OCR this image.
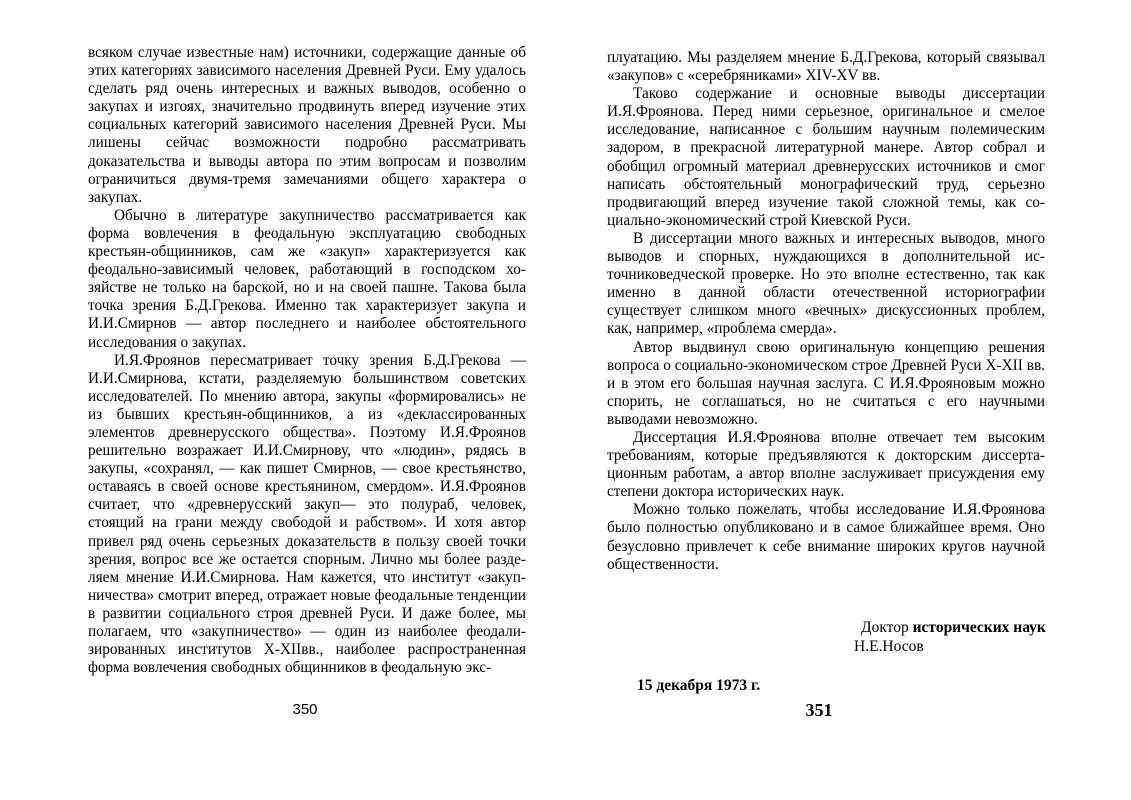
всяком случае известные нам) источники, содержащие данные об этих категориях зависимого населения Древней Руси. Ему удалось сделать ряд очень интересных и важных выводов, особенно о закупах и изгоях, значительно продвинуть вперед изучение этих социальных категорий зависимого населения Древней Руси. Мы лишены сейчас возможности подробно рассматривать доказательства и выводы автора по этим вопросам и позволим ограничиться двумя-тремя замечаниями общего характера о закупах.

Обычно в литературе закупничество рассматривается как форма вовлечения в феодальную эксплуатацию свободных крестьян-общинников, сам же «закуп» характеризуется как феодально-зависимый человек, работающий в господском хозяйстве не только на барской, но и на своей пашне. Такова была точка зрения Б.Д.Грекова. Именно так характеризует закупа и И.И.Смирнов — автор последнего и наиболее обстоятельного исследования о закупах.

И.Я.Фроянов пересматривает точку зрения Б.Д.Грекова — И.И.Смирнова, кстати, разделяемую большинством советских исследователей. По мнению автора, закупы «формировались» не из бывших крестьян-общинников, а из «деклассированных элементов древнерусского общества». Поэтому И.Я.Фроянов решительно возражает И.И.Смирнову, что «людин», рядясь в закупы, «сохранял, — как пишет Смирнов, — свое крестьянство, оставаясь в своей основе крестьянином, смердом». И.Я.Фроянов считает, что «древнерусский закуп— это полураб, человек, стоящий на грани между свободой и рабством». И хотя автор привел ряд очень серьезных доказательств в пользу своей точки зрения, вопрос все же остается спорным. Лично мы более разделяем мнение И.И.Смирнова. Нам кажется, что институт «закупничества» смотрит вперед, отражает новые феодальные тенденции в развитии социального строя древней Руси. И даже более, мы полагаем, что «закупничество» — один из наиболее феодализированных институтов X-XIIвв., наиболее распространенная форма вовлечения свободных общинников в феодальную экс-

350

плуатацию. Мы разделяем мнение Б.Д.Грекова, который связывал «закупов» с «серебряниками» XIV-XV вв.

Таково содержание и основные выводы диссертации И.Я.Фроянова. Перед ними серьезное, оригинальное и смелое исследование, написанное с большим научным полемическим задором, в прекрасной литературной манере. Автор собрал и обобщил огромный материал древнерусских источников и смог написать обстоятельный монографический труд, серьезно продвигающий вперед изучение такой сложной темы, как социально-экономический строй Киевской Руси.

В диссертации много важных и интересных выводов, много выводов и спорных, нуждающихся в дополнительной источниковедческой проверке. Но это вполне естественно, так как именно в данной области отечественной историографии существует слишком много «вечных» дискуссионных проблем, как, например, «проблема смерда».

Автор выдвинул свою оригинальную концепцию решения вопроса о социально-экономическом строе Древней Руси X-XII вв. и в этом его большая научная заслуга. С И.Я.Фрояновым можно спорить, не соглашаться, но не считаться с его научными выводами невозможно.

Диссертация И.Я.Фроянова вполне отвечает тем высоким требованиям, которые предъявляются к докторским диссертационным работам, а автор вполне заслуживает присуждения ему степени доктора исторических наук.

Можно только пожелать, чтобы исследование И.Я.Фроянова было полностью опубликовано и в самое ближайшее время. Оно безусловно привлечет к себе внимание широких кругов научной общественности.

Доктор исторических наук
Н.Е.Носов
15 декабря 1973 г.
351
